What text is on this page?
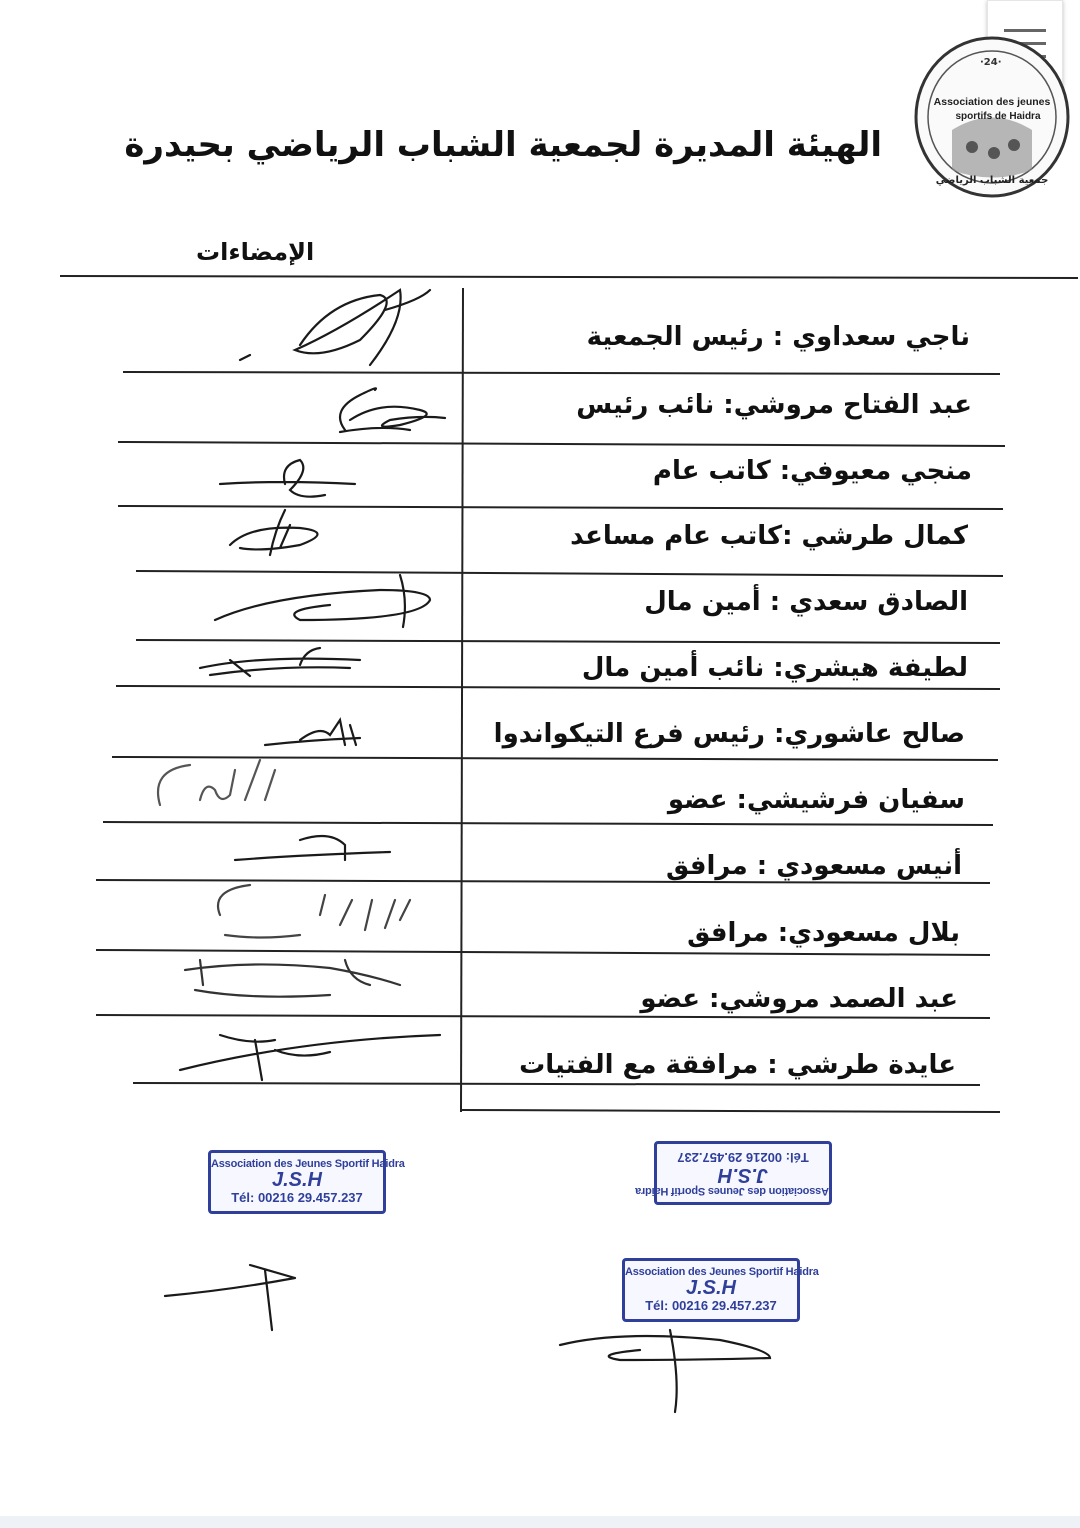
·24·
Association des jeunes
sportifs de Haidra
جمعية الشباب الرياضي
الهيئة المديرة لجمعية الشباب الرياضي بحيدرة
الإمضاءات
ناجي سعداوي : رئيس الجمعية
عبد الفتاح مروشي: نائب رئيس
منجي معيوفي: كاتب عام
كمال طرشي :كاتب عام مساعد
الصادق سعدي : أمين مال
لطيفة هيشري: نائب أمين مال
صالح عاشوري: رئيس فرع التيكواندوا
سفيان فرشيشي: عضو
أنيس مسعودي : مرافق
بلال مسعودي: مرافق
عبد الصمد مروشي: عضو
عايدة طرشي : مرافقة مع الفتيات
Association des Jeunes Sportif Haidra
J.S.H
Tél: 00216 29.457.237	Association des Jeunes Sportif Haidra
J.S.H
Tél: 00216 29.457.237
Association des Jeunes Sportif Haidra
J.S.H
Tél: 00216 29.457.237
